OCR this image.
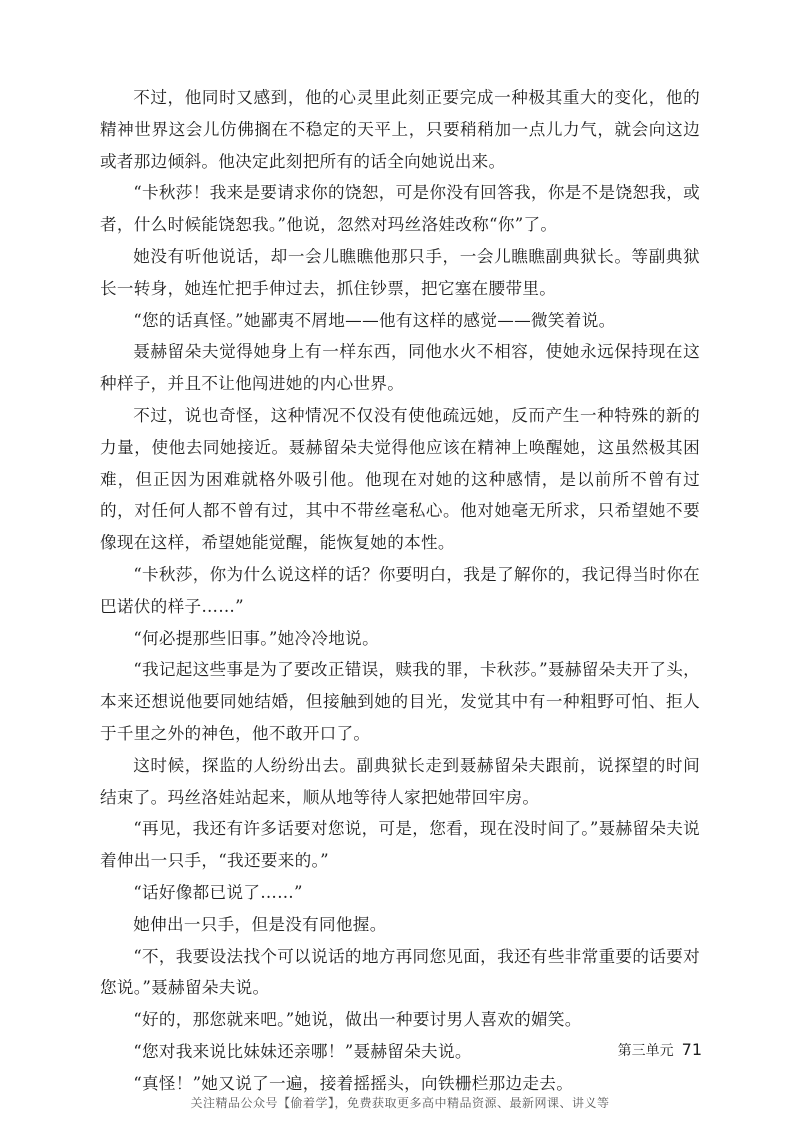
不过，他同时又感到，他的心灵里此刻正要完成一种极其重大的变化，他的精神世界这会儿仿佛搁在不稳定的天平上，只要稍稍加一点儿力气，就会向这边或者那边倾斜。他决定此刻把所有的话全向她说出来。

“卡秋莎！我来是要请求你的饶恕，可是你没有回答我，你是不是饶恕我，或者，什么时候能饶恕我。”他说，忽然对玛丝洛娃改称“你”了。

她没有听他说话，却一会儿瞧瞧他那只手，一会儿瞧瞧副典狱长。等副典狱长一转身，她连忙把手伸过去，抓住钞票，把它塞在腰带里。

“您的话真怪。”她鄙夷不屑地——他有这样的感觉——微笑着说。

聂赫留朵夫觉得她身上有一样东西，同他水火不相容，使她永远保持现在这种样子，并且不让他闯进她的内心世界。

不过，说也奇怪，这种情况不仅没有使他疏远她，反而产生一种特殊的新的力量，使他去同她接近。聂赫留朵夫觉得他应该在精神上唤醒她，这虽然极其困难，但正因为困难就格外吸引他。他现在对她的这种感情，是以前所不曾有过的，对任何人都不曾有过，其中不带丝毫私心。他对她毫无所求，只希望她不要像现在这样，希望她能觉醒，能恢复她的本性。

“卡秋莎，你为什么说这样的话？你要明白，我是了解你的，我记得当时你在巴诺伏的样子……”

“何必提那些旧事。”她冷冷地说。

“我记起这些事是为了要改正错误，赎我的罪，卡秋莎。”聂赫留朵夫开了头，本来还想说他要同她结婚，但接触到她的目光，发觉其中有一种粗野可怕、拒人于千里之外的神色，他不敢开口了。

这时候，探监的人纷纷出去。副典狱长走到聂赫留朵夫跟前，说探望的时间结束了。玛丝洛娃站起来，顺从地等待人家把她带回牢房。

“再见，我还有许多话要对您说，可是，您看，现在没时间了。”聂赫留朵夫说着伸出一只手，“我还要来的。”

“话好像都已说了……”

她伸出一只手，但是没有同他握。

“不，我要设法找个可以说话的地方再同您见面，我还有些非常重要的话要对您说。”聂赫留朵夫说。

“好的，那您就来吧。”她说，做出一种要讨男人喜欢的媚笑。

“您对我来说比妹妹还亲哪！”聂赫留朵夫说。

“真怪！”她又说了一遍，接着摇摇头，向铁栅栏那边走去。

第三单元 71
关注精品公众号【偷着学】，免费获取更多高中精品资源、最新网课、讲义等
